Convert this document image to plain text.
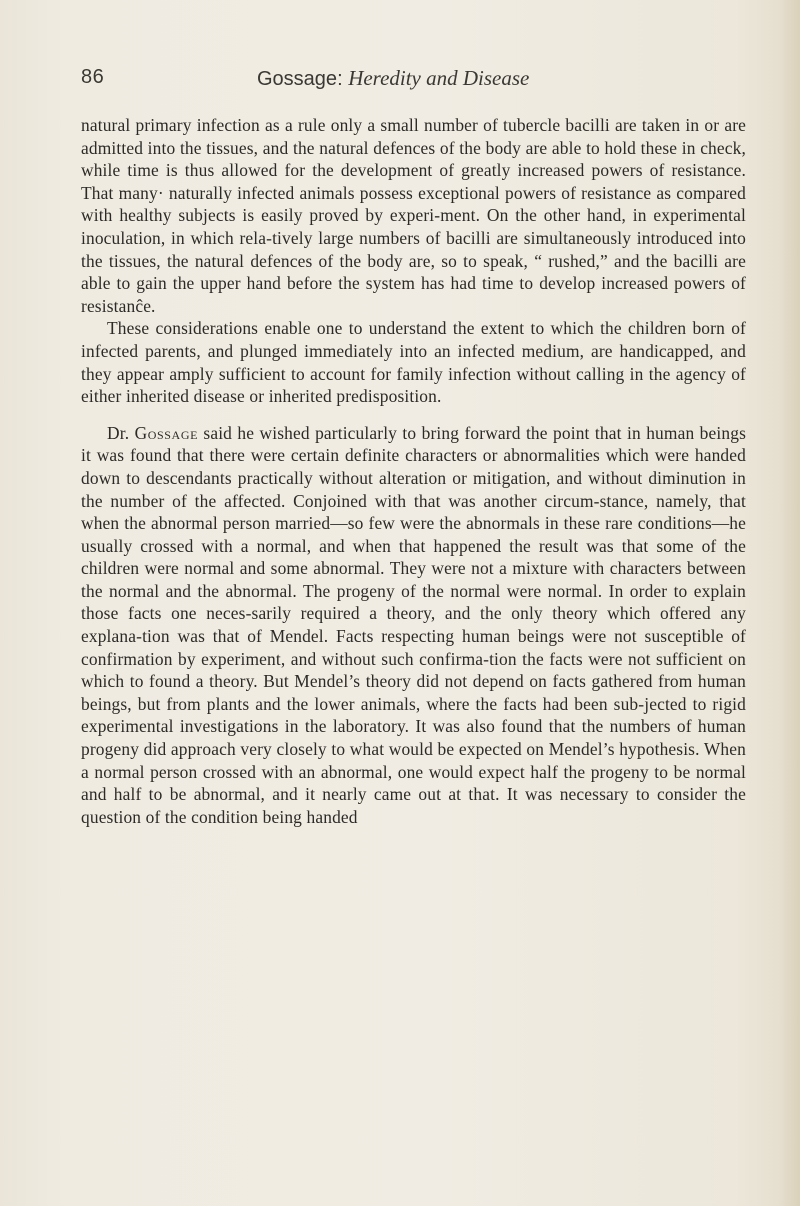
86	Gossage: Heredity and Disease

natural primary infection as a rule only a small number of tubercle bacilli are taken in or are admitted into the tissues, and the natural defences of the body are able to hold these in check, while time is thus allowed for the development of greatly increased powers of resistance. That many· naturally infected animals possess exceptional powers of resistance as compared with healthy subjects is easily proved by experi-ment. On the other hand, in experimental inoculation, in which rela-tively large numbers of bacilli are simultaneously introduced into the tissues, the natural defences of the body are, so to speak, “ rushed,” and the bacilli are able to gain the upper hand before the system has had time to develop increased powers of resistanĉe.

These considerations enable one to understand the extent to which the children born of infected parents, and plunged immediately into an infected medium, are handicapped, and they appear amply sufficient to account for family infection without calling in the agency of either inherited disease or inherited predisposition.

Dr. Gossage said he wished particularly to bring forward the point that in human beings it was found that there were certain definite characters or abnormalities which were handed down to descendants practically without alteration or mitigation, and without diminution in the number of the affected. Conjoined with that was another circum-stance, namely, that when the abnormal person married—so few were the abnormals in these rare conditions—he usually crossed with a normal, and when that happened the result was that some of the children were normal and some abnormal. They were not a mixture with characters between the normal and the abnormal. The progeny of the normal were normal. In order to explain those facts one neces-sarily required a theory, and the only theory which offered any explana-tion was that of Mendel. Facts respecting human beings were not susceptible of confirmation by experiment, and without such confirma-tion the facts were not sufficient on which to found a theory. But Mendel’s theory did not depend on facts gathered from human beings, but from plants and the lower animals, where the facts had been sub-jected to rigid experimental investigations in the laboratory. It was also found that the numbers of human progeny did approach very closely to what would be expected on Mendel’s hypothesis. When a normal person crossed with an abnormal, one would expect half the progeny to be normal and half to be abnormal, and it nearly came out at that. It was necessary to consider the question of the condition being handed
